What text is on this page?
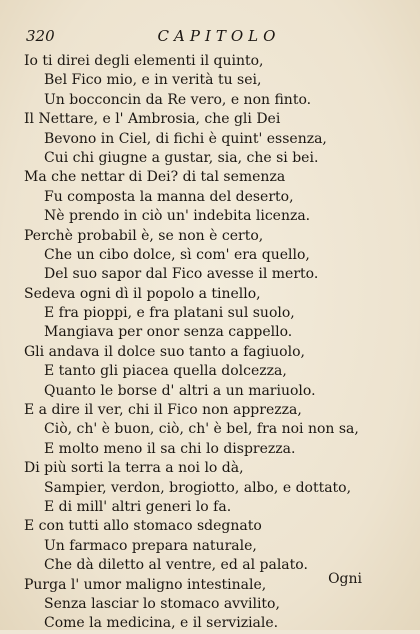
320	CAPITOLO
Io ti direi degli elementi il quinto,
Bel Fico mio, e in verità tu sei,
Un bocconcin da Re vero, e non finto.
Il Nettare, e l' Ambrosia, che gli Dei
Bevono in Ciel, di fichi è quint' essenza,
Cui chi giugne a gustar, sia, che si bei.
Ma che nettar di Dei? di tal semenza
Fu composta la manna del deserto,
Nè prendo in ciò un' indebita licenza.
Perchè probabil è, se non è certo,
Che un cibo dolce, sì com' era quello,
Del suo sapor dal Fico avesse il merto.
Sedeva ogni dì il popolo a tinello,
E fra pioppi, e fra platani sul suolo,
Mangiava per onor senza cappello.
Gli andava il dolce suo tanto a fagiuolo,
E tanto gli piacea quella dolcezza,
Quanto le borse d' altri a un mariuolo.
E a dire il ver, chi il Fico non apprezza,
Ciò, ch' è buon, ciò, ch' è bel, fra noi non sa,
E molto meno il sa chi lo disprezza.
Di più sorti la terra a noi lo dà,
Sampier, verdon, brogiotto, albo, e dottato,
E di mill' altri generi lo fa.
E con tutti allo stomaco sdegnato
Un farmaco prepara naturale,
Che dà diletto al ventre, ed al palato.
Purga l' umor maligno intestinale,
Senza lasciar lo stomaco avvilito,
Come la medicina, e il serviziale.
Ogni
